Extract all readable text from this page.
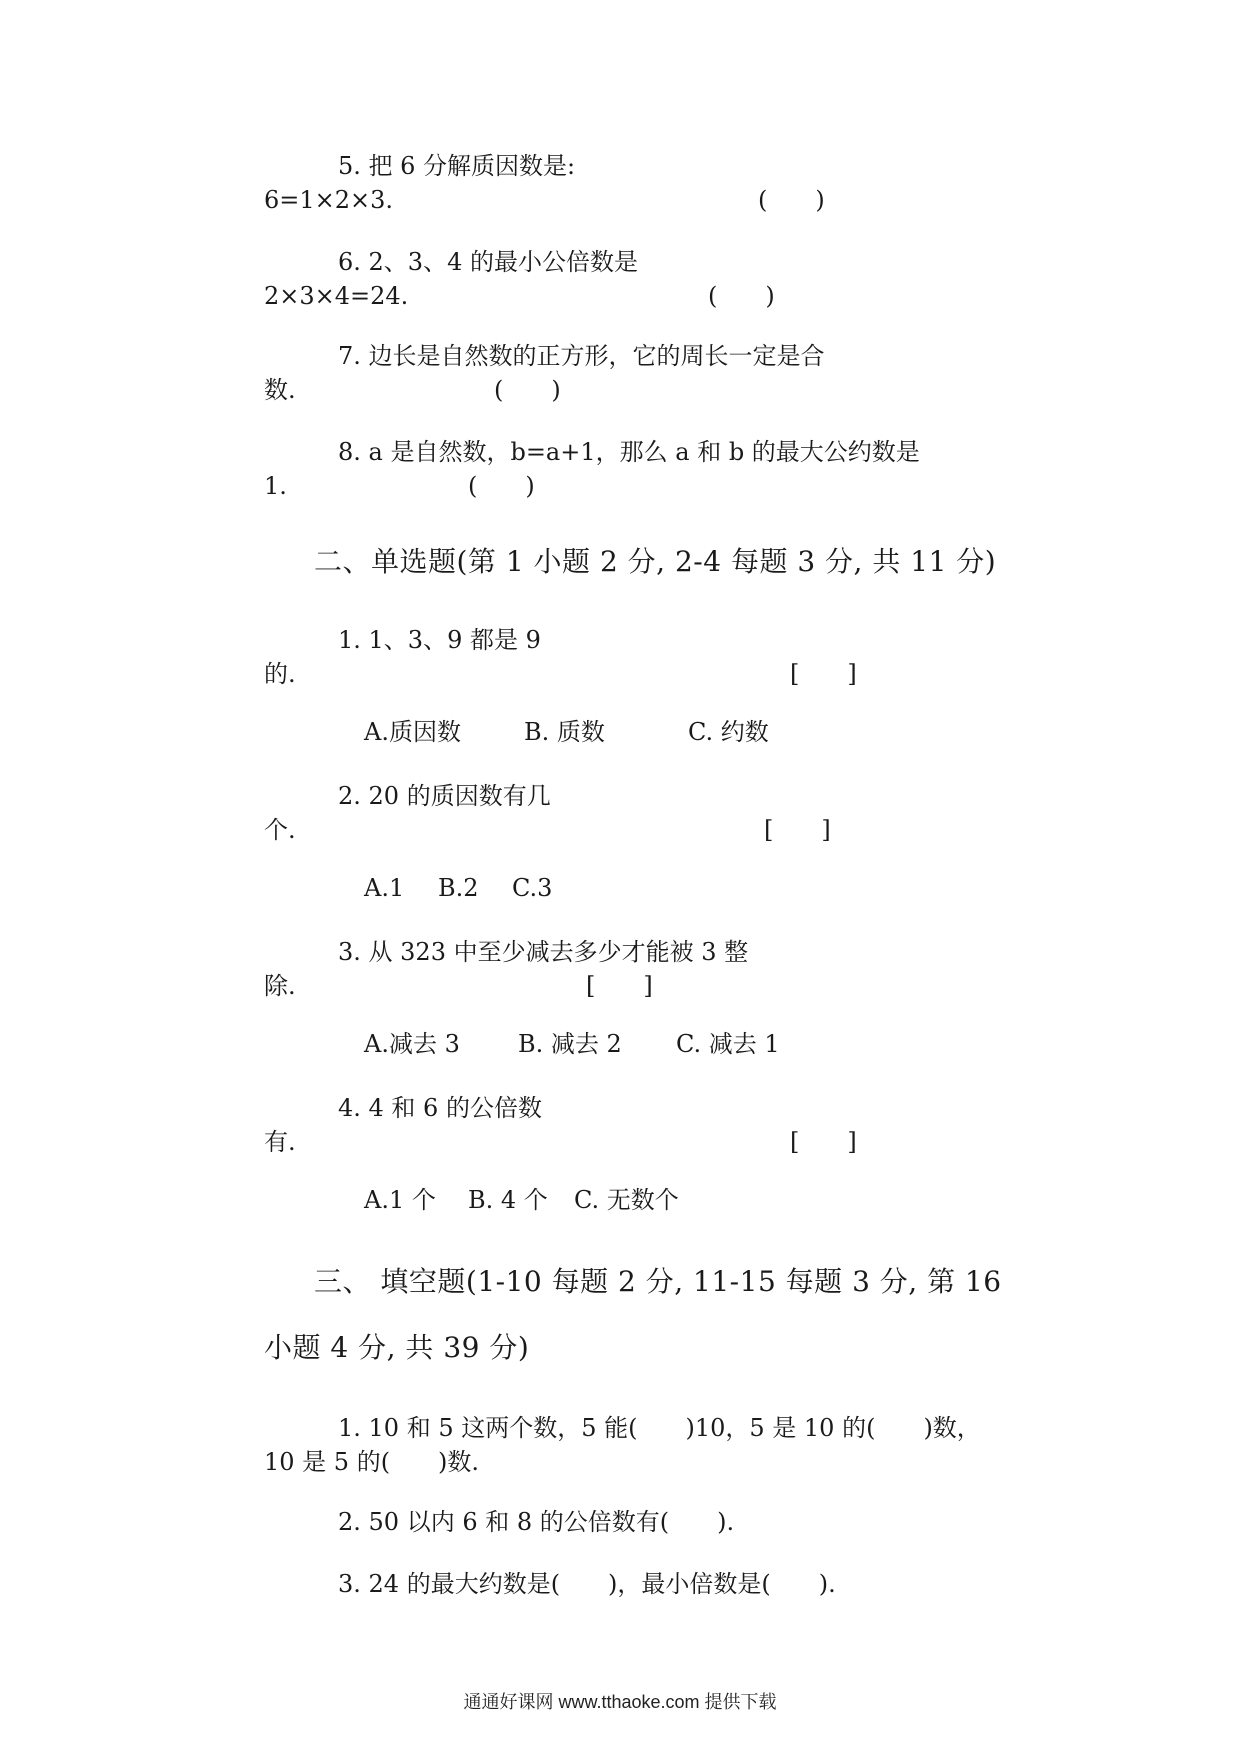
5. 把 6 分解质因数是:
6=1×2×3.	(　　)
6. 2、3、4 的最小公倍数是
2×3×4=24.	(　　)
7. 边长是自然数的正方形，它的周长一定是合
数.	(　　)
8. a 是自然数，b=a+1，那么 a 和 b 的最大公约数是
1.	(　　)
二、单选题(第 1 小题 2 分, 2-4 每题 3 分, 共 11 分)
1. 1、3、9 都是 9
的.	[　　]
A.质因数	B. 质数	C. 约数
2. 20 的质因数有几
个.	[　　]
A.1 B.2 C.3
3. 从 323 中至少减去多少才能被 3 整
除.	[　　]
A.减去 3 B. 减去 2 C. 减去 1
4. 4 和 6 的公倍数
有.	[　　]
A.1 个 B. 4 个 C. 无数个
三、 填空题(1-10 每题 2 分, 11-15 每题 3 分, 第 16
小题 4 分, 共 39 分)
1. 10 和 5 这两个数，5 能(　　)10，5 是 10 的(　　)数，
10 是 5 的(　　)数.
2. 50 以内 6 和 8 的公倍数有(　　).
3. 24 的最大约数是(　　)，最小倍数是(　　).
通通好课网 www.tthaoke.com 提供下载
